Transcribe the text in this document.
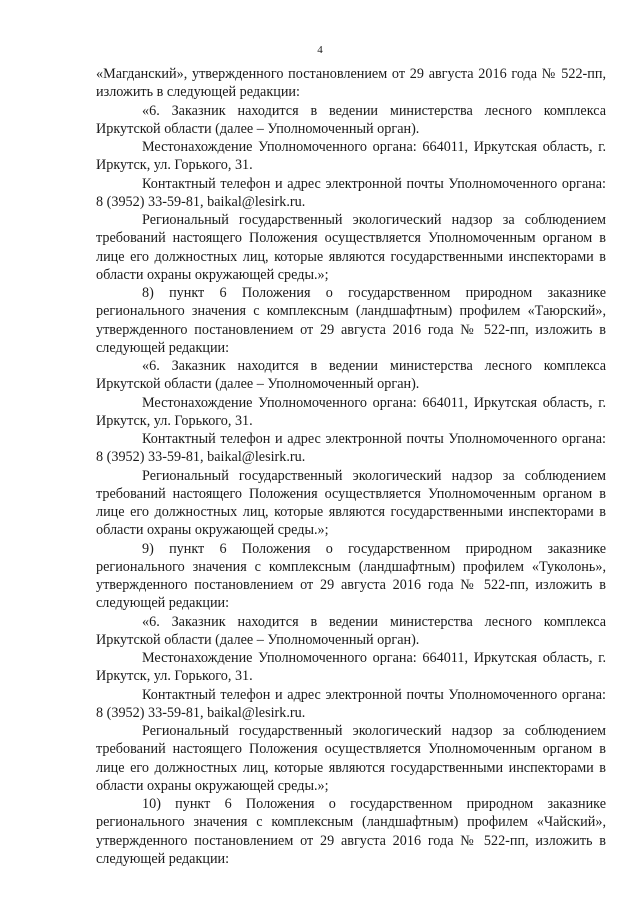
4

«Магданский», утвержденного постановлением от 29 августа 2016 года № 522-пп, изложить в следующей редакции:

«6. Заказник находится в ведении министерства лесного комплекса Иркутской области (далее – Уполномоченный орган).

Местонахождение Уполномоченного органа: 664011, Иркутская область, г. Иркутск, ул. Горького, 31.

Контактный телефон и адрес электронной почты Уполномоченного органа: 8 (3952) 33-59-81, baikal@lesirk.ru.

Региональный государственный экологический надзор за соблюдением требований настоящего Положения осуществляется Уполномоченным органом в лице его должностных лиц, которые являются государственными инспекторами в области охраны окружающей среды.»;

8) пункт 6 Положения о государственном природном заказнике регионального значения с комплексным (ландшафтным) профилем «Таюрский», утвержденного постановлением от 29 августа 2016 года № 522-пп, изложить в следующей редакции:

«6. Заказник находится в ведении министерства лесного комплекса Иркутской области (далее – Уполномоченный орган).

Местонахождение Уполномоченного органа: 664011, Иркутская область, г. Иркутск, ул. Горького, 31.

Контактный телефон и адрес электронной почты Уполномоченного органа: 8 (3952) 33-59-81, baikal@lesirk.ru.

Региональный государственный экологический надзор за соблюдением требований настоящего Положения осуществляется Уполномоченным органом в лице его должностных лиц, которые являются государственными инспекторами в области охраны окружающей среды.»;

9) пункт 6 Положения о государственном природном заказнике регионального значения с комплексным (ландшафтным) профилем «Туколонь», утвержденного постановлением от 29 августа 2016 года № 522-пп, изложить в следующей редакции:

«6. Заказник находится в ведении министерства лесного комплекса Иркутской области (далее – Уполномоченный орган).

Местонахождение Уполномоченного органа: 664011, Иркутская область, г. Иркутск, ул. Горького, 31.

Контактный телефон и адрес электронной почты Уполномоченного органа: 8 (3952) 33-59-81, baikal@lesirk.ru.

Региональный государственный экологический надзор за соблюдением требований настоящего Положения осуществляется Уполномоченным органом в лице его должностных лиц, которые являются государственными инспекторами в области охраны окружающей среды.»;

10) пункт 6 Положения о государственном природном заказнике регионального значения с комплексным (ландшафтным) профилем «Чайский», утвержденного постановлением от 29 августа 2016 года № 522-пп, изложить в следующей редакции:
